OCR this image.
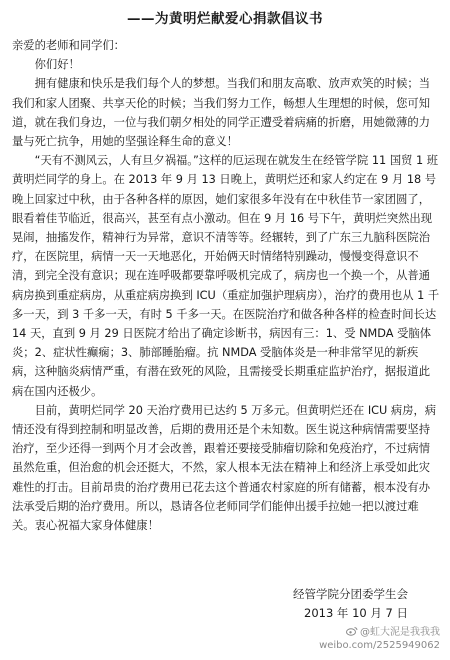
——为黄明烂献爱心捐款倡议书

亲爱的老师和同学们：

你们好！

拥有健康和快乐是我们每个人的梦想。当我们和朋友高歌、放声欢笑的时候；当我们和家人团聚、共享天伦的时候；当我们努力工作，畅想人生理想的时候，您可知道，就在我们身边，一位与我们朝夕相处的同学正遭受着病痛的折磨，用她微薄的力量与死亡抗争，用她的坚强诠释生命的意义！

“天有不测风云，人有旦夕祸福。”这样的厄运现在就发生在经管学院 11 国贸 1 班黄明烂同学的身上。在 2013 年 9 月 13 日晚上，黄明烂还和家人约定在 9 月 18 号晚上回家过中秋，由于各种各样的原因，她们家很多年没有在中秋佳节一家团圆了，眼看着佳节临近，很高兴，甚至有点小激动。但在 9 月 16 号下午，黄明烂突然出现晃闹，抽搐发作，精神行为异常，意识不清等等。经辗转，到了广东三九脑科医院治疗，在医院里，病情一天一天地恶化，开始俩天时情绪特别躁动，慢慢变得意识不清，到完全没有意识；现在连呼吸都要靠呼吸机完成了，病房也一个换一个，从普通病房换到重症病房，从重症病房换到 ICU（重症加强护理病房），治疗的费用也从 1 千多一天，到 3 千多一天，有时 5 千多一天。在医院治疗和做各种各样的检查时间长达 14 天，直到 9 月 29 日医院才给出了确定诊断书，病因有三：1、受 NMDA 受脑体炎；2、症状性癫痫；3、肺部睡胎瘤。抗 NMDA 受脑体炎是一种非常罕见的新疾病，这种脑炎病情严重，有潜在致死的风险，且需接受长期重症监护治疗，据报道此病在国内还极少。

目前，黄明烂同学 20 天治疗费用已达约 5 万多元。但黄明烂还在 ICU 病房，病情还没有得到控制和明显改善，后期的费用还是个未知数。医生说这种病情需要坚持治疗，至少还得一到两个月才会改善，跟着还要接受肺瘤切除和免疫治疗，不过病情虽然危重，但治愈的机会还挺大，不然，家人根本无法在精神上和经济上承受如此灾难性的打击。目前昂贵的治疗费用已花去这个普通农村家庭的所有储蓄，根本没有办法承受后期的治疗费用。所以，恳请各位老师同学们能伸出援手拉她一把以渡过难关。衷心祝福大家身体健康！

经管学院分团委学生会
2013 年 10 月 7 日
@虹大泥是我我我
weibo.com/2525949062
